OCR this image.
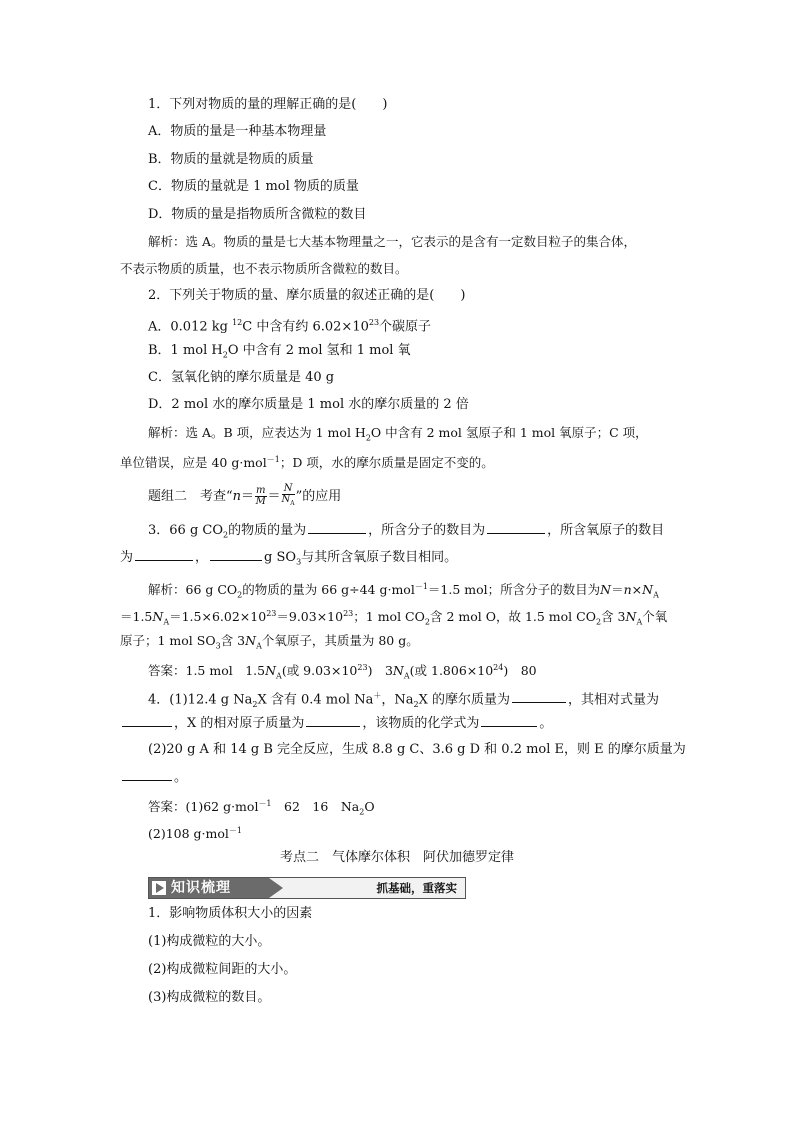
1．下列对物质的量的理解正确的是(　　)
A．物质的量是一种基本物理量
B．物质的量就是物质的质量
C．物质的量就是 1 mol 物质的质量
D．物质的量是指物质所含微粒的数目
解析：选 A。物质的量是七大基本物理量之一，它表示的是含有一定数目粒子的集合体，
不表示物质的质量，也不表示物质所含微粒的数目。
2．下列关于物质的量、摩尔质量的叙述正确的是(　　)
A．0.012 kg $^{12}$C 中含有约 $6.02\times 10^{23}$个碳原子
B．1 mol $H_2O$ 中含有 2 mol 氢和 1 mol 氧
C．氢氧化钠的摩尔质量是 40 g
D．2 mol 水的摩尔质量是 1 mol 水的摩尔质量的 2 倍
解析：选 A。B 项，应表达为 1 mol $H_2O$ 中含有 2 mol 氢原子和 1 mol 氧原子；C 项，
单位错误，应是 40 g·mol$^{-1}$；D 项，水的摩尔质量是固定不变的。
题组二　考查“$n= \frac{m}{M} = \frac{N}{N_A}$ ”的应用
3．66 g $CO_2$的物质的量为	，所含分子的数目为	，所含氧原子的数目
为	，	g $SO_3$与其所含氧原子数目相同。
解析：66 g $CO_2$的物质的量为 66 g÷44 g·mol$^{-1}$＝1.5 mol；所含分子的数目为$N=n\times N_A$
$=1.5N_A=1.5\times 6.02\times 10^{23}=9.03\times 10^{23}$；1 mol $CO_2$含 2 mol O，故 1.5 mol $CO_2$含 $3N_A$个氧
原子；1 mol $SO_3$含 $3N_A$个氧原子，其质量为 80 g。
答案：1.5 mol　$1.5N_A$(或 $9.03\times 10^{23}$)　$3N_A$(或 $1.806\times 10^{24}$)　80
4．(1)12.4 g $Na_2X$ 含有 0.4 mol Na＋，$Na_2X$ 的摩尔质量为	，其相对式量为
，X 的相对原子质量为	，该物质的化学式为	。
(2)20 g A 和 14 g B 完全反应，生成 8.8 g C、3.6 g D 和 0.2 mol E，则 E 的摩尔质量为
。
答案：(1)62 g·mol$^{-1}$　62　16　$Na_2O$
(2)108 g·mol$^{-1}$
考点二　气体摩尔体积　阿伏加德罗定律
知识梳理	抓基础，重落实
1．影响物质体积大小的因素
(1)构成微粒的大小。
(2)构成微粒间距的大小。
(3)构成微粒的数目。
